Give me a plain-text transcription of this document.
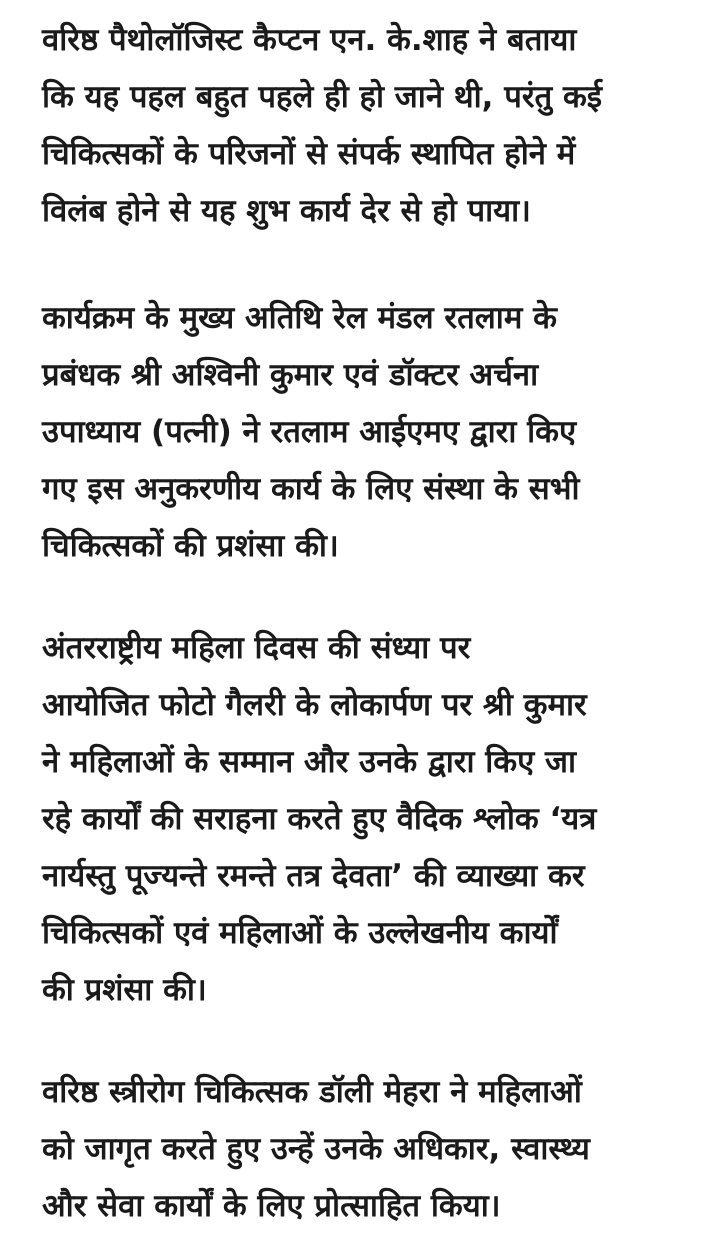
वरिष्ठ पैथोलॉजिस्ट कैप्टन एन. के.शाह ने बताया
कि यह पहल बहुत पहले ही हो जाने थी, परंतु कई
चिकित्सकों के परिजनों से संपर्क स्थापित होने में
विलंब होने से यह शुभ कार्य देर से हो पाया।
कार्यक्रम के मुख्य अतिथि रेल मंडल रतलाम के
प्रबंधक श्री अश्विनी कुमार एवं डॉक्टर अर्चना
उपाध्याय (पत्नी) ने रतलाम आईएमए द्वारा किए
गए इस अनुकरणीय कार्य के लिए संस्था के सभी
चिकित्सकों की प्रशंसा की।
अंतरराष्ट्रीय महिला दिवस की संध्या पर
आयोजित फोटो गैलरी के लोकार्पण पर श्री कुमार
ने महिलाओं के सम्मान और उनके द्वारा किए जा
रहे कार्यों की सराहना करते हुए वैदिक श्लोक ‘यत्र
नार्यस्तु पूज्यन्ते रमन्ते तत्र देवता’ की व्याख्या कर
चिकित्सकों एवं महिलाओं के उल्लेखनीय कार्यों
की प्रशंसा की।
वरिष्ठ स्त्रीरोग चिकित्सक डॉली मेहरा ने महिलाओं
को जागृत करते हुए उन्हें उनके अधिकार, स्वास्थ्य
और सेवा कार्यों के लिए प्रोत्साहित किया।
